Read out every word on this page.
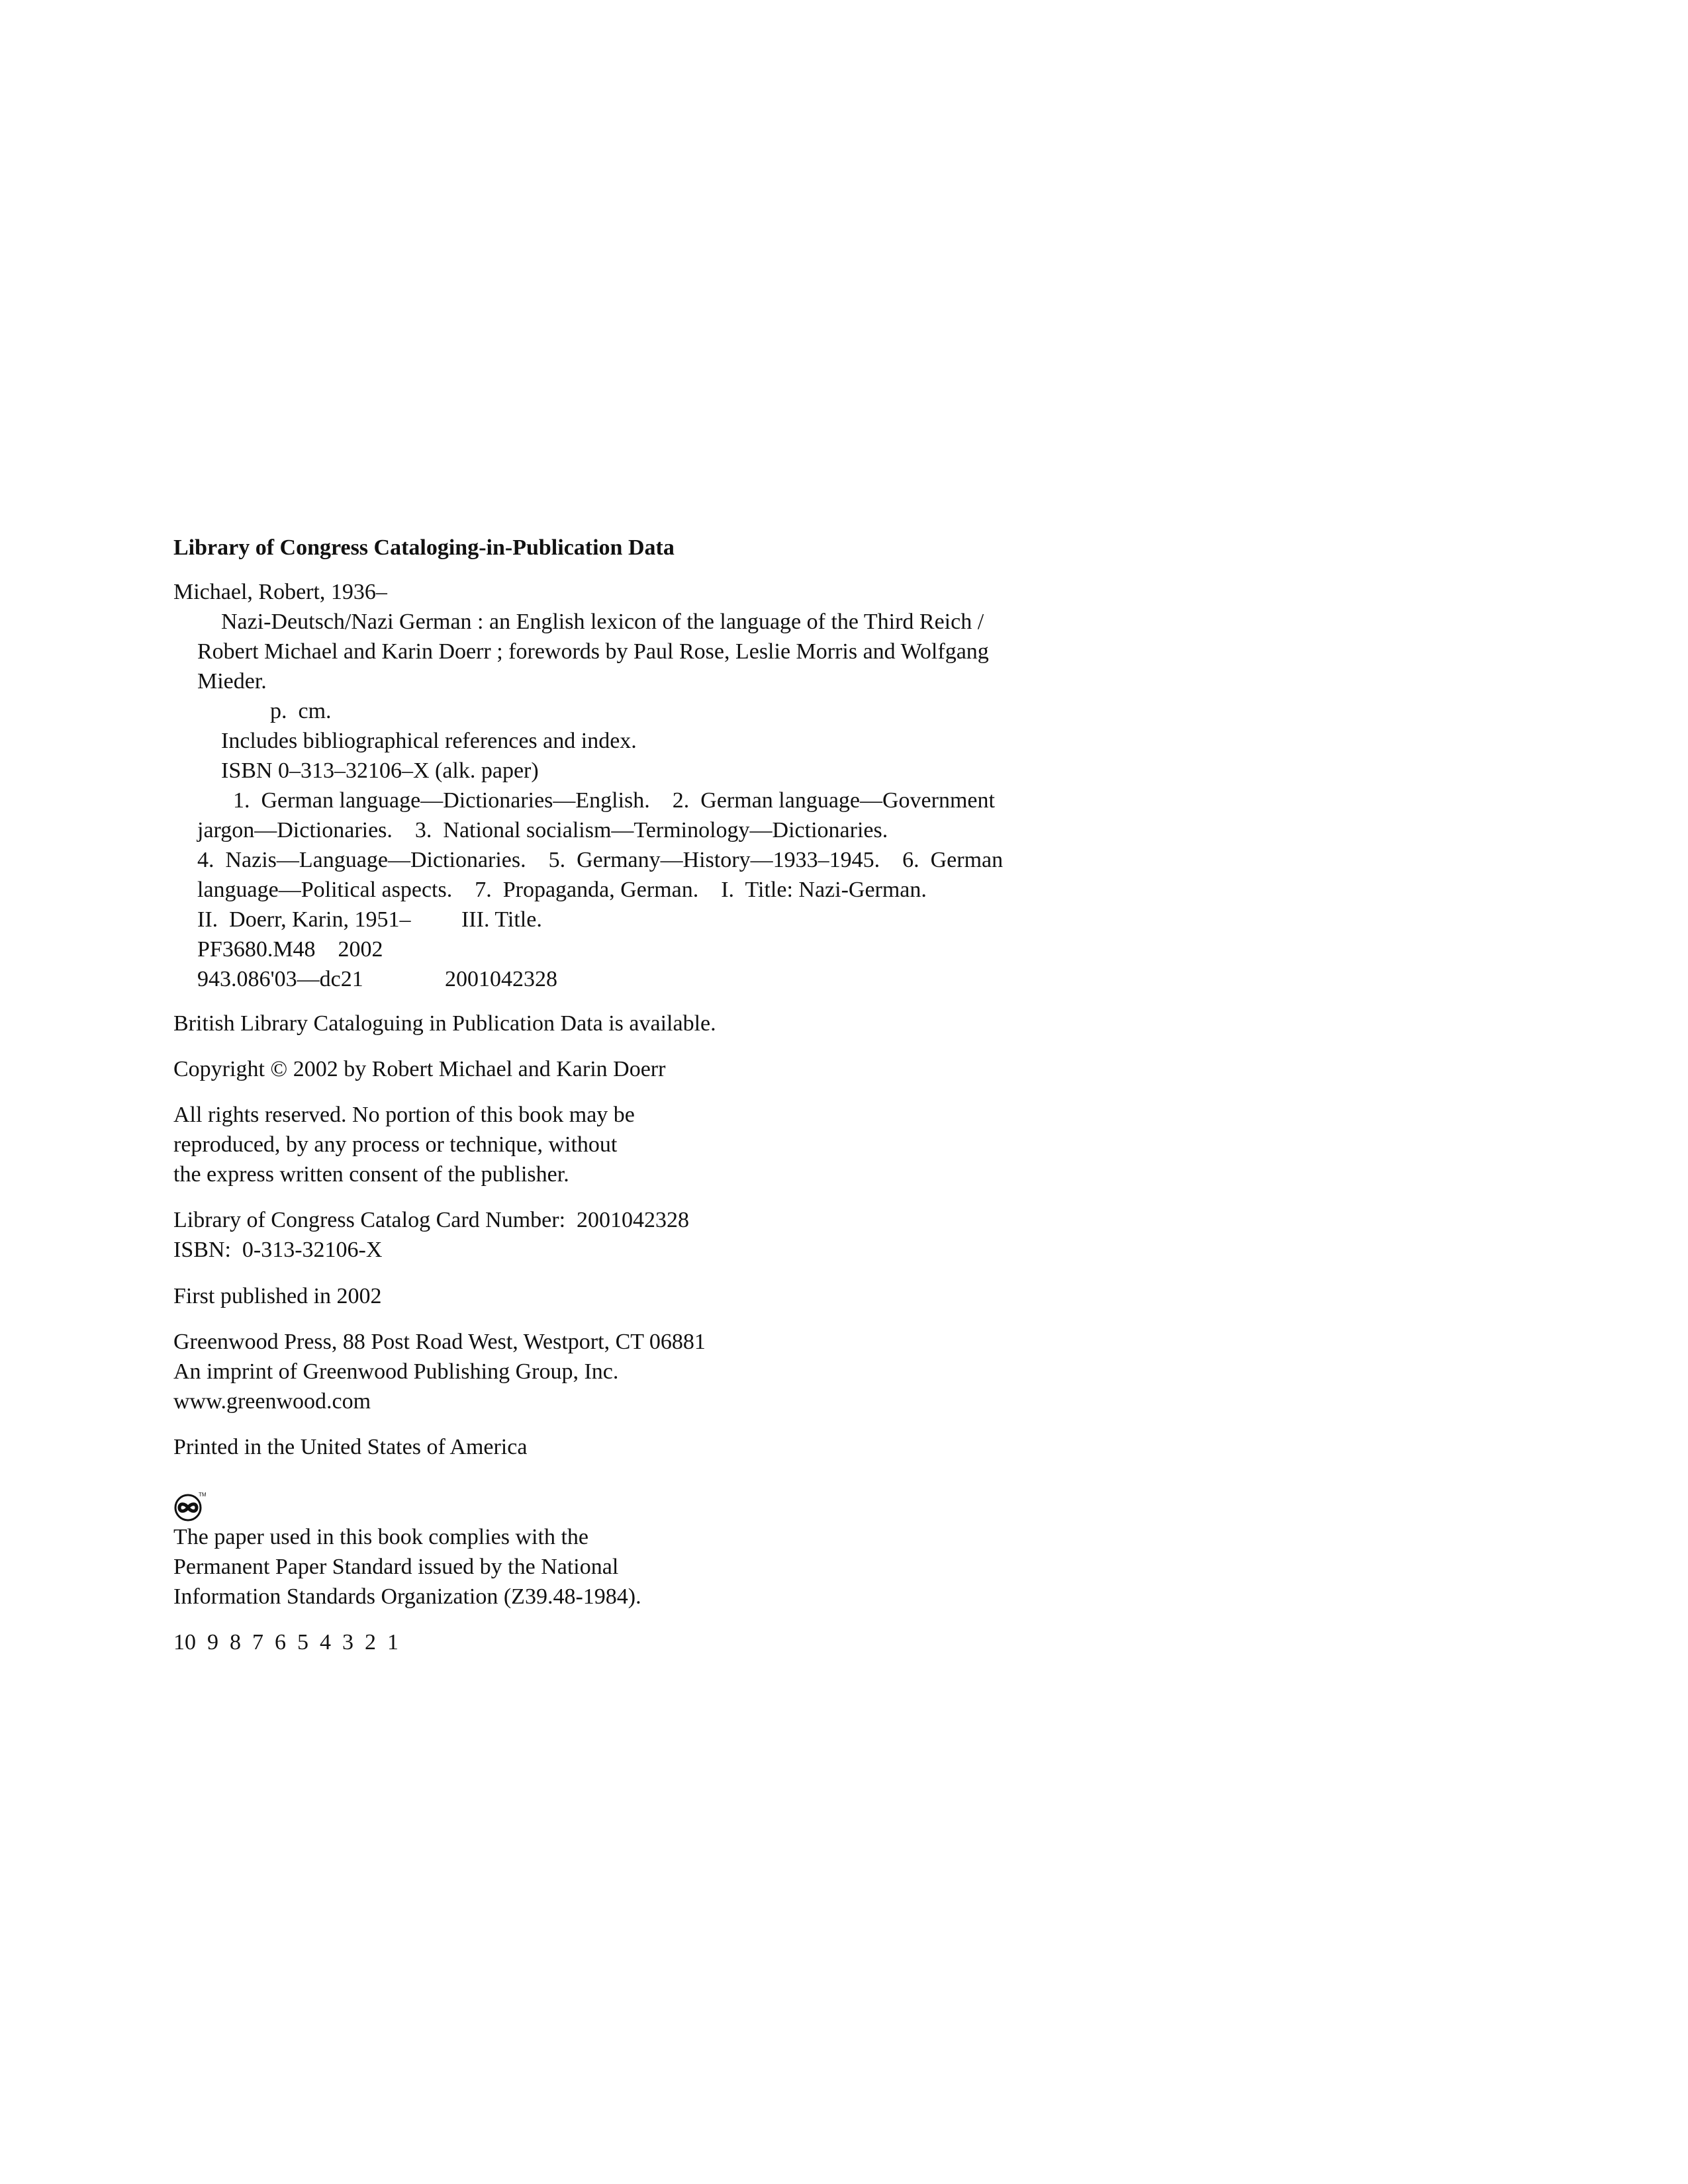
Library of Congress Cataloging-in-Publication Data
Michael, Robert, 1936–
Nazi-Deutsch/Nazi German : an English lexicon of the language of the Third Reich /
Robert Michael and Karin Doerr ; forewords by Paul Rose, Leslie Morris and Wolfgang
Mieder.
p.  cm.
Includes bibliographical references and index.
ISBN 0–313–32106–X (alk. paper)
1.  German language—Dictionaries—English.    2.  German language—Government
jargon—Dictionaries.    3.  National socialism—Terminology—Dictionaries.
4.  Nazis—Language—Dictionaries.    5.  Germany—History—1933–1945.    6.  German
language—Political aspects.    7.  Propaganda, German.    I.  Title: Nazi-German.
II.  Doerr, Karin, 1951–         III. Title.
PF3680.M48    2002
943.086'03—dc21	2001042328
British Library Cataloguing in Publication Data is available.
Copyright © 2002 by Robert Michael and Karin Doerr
All rights reserved. No portion of this book may be
reproduced, by any process or technique, without
the express written consent of the publisher.
Library of Congress Catalog Card Number:  2001042328
ISBN:  0-313-32106-X
First published in 2002
Greenwood Press, 88 Post Road West, Westport, CT 06881
An imprint of Greenwood Publishing Group, Inc.
www.greenwood.com
Printed in the United States of America
TM
The paper used in this book complies with the
Permanent Paper Standard issued by the National
Information Standards Organization (Z39.48-1984).
10  9  8  7  6  5  4  3  2  1
